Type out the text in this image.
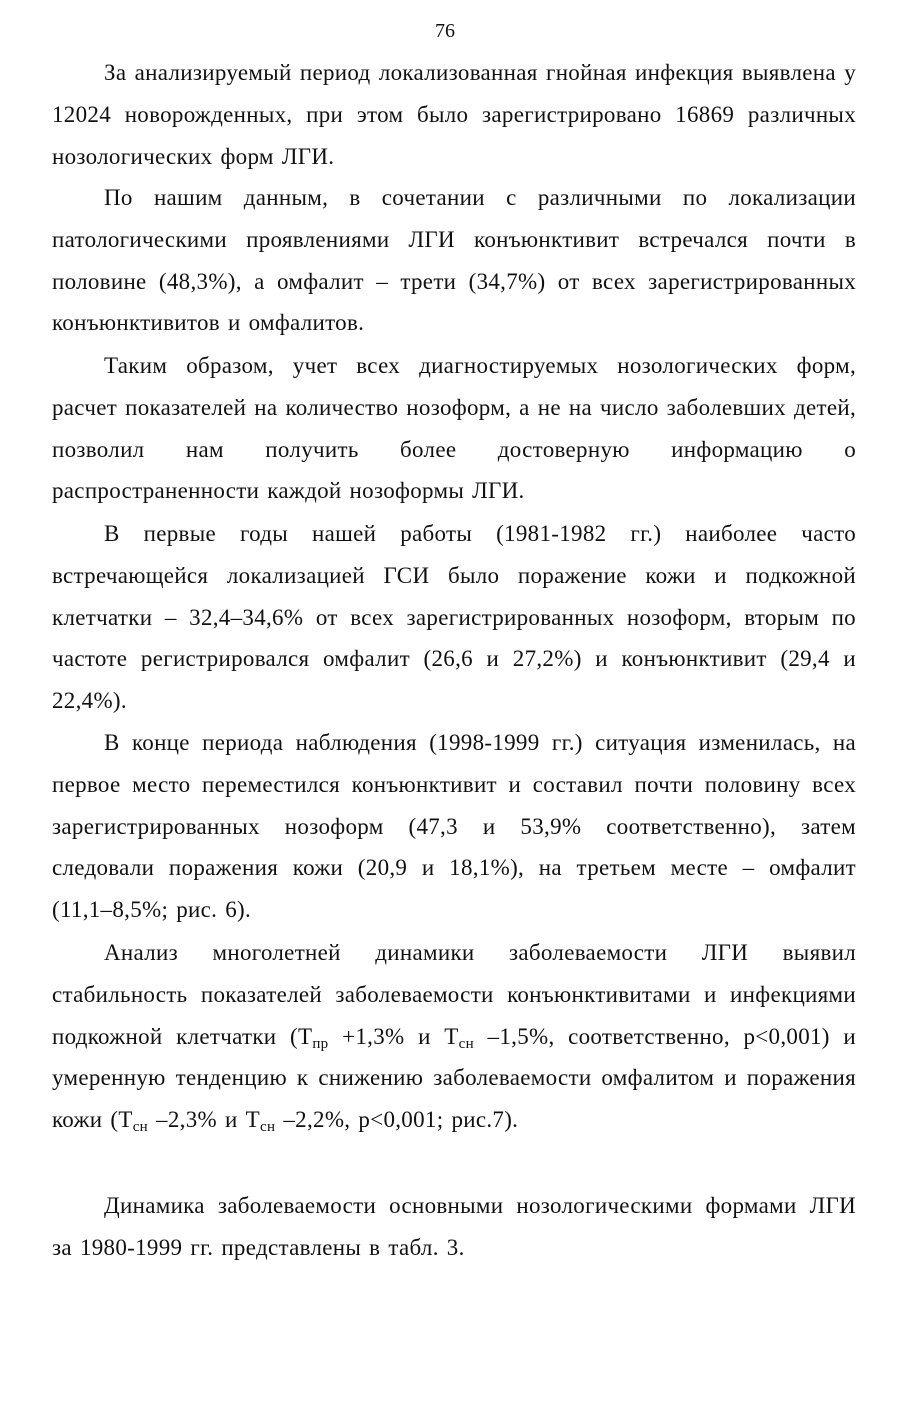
76

За анализируемый период локализованная гнойная инфекция выявлена у 12024 новорожденных, при этом было зарегистрировано 16869 различных нозологических форм ЛГИ.

По нашим данным, в сочетании с различными по локализации патологическими проявлениями ЛГИ конъюнктивит встречался почти в половине (48,3%), а омфалит – трети (34,7%) от всех зарегистрированных конъюнктивитов и омфалитов.

Таким образом, учет всех диагностируемых нозологических форм, расчет показателей на количество нозоформ, а не на число заболевших детей, позволил нам получить более достоверную информацию о распространенности каждой нозоформы ЛГИ.

В первые годы нашей работы (1981-1982 гг.) наиболее часто встречающейся локализацией ГСИ было поражение кожи и подкожной клетчатки – 32,4–34,6% от всех зарегистрированных нозоформ, вторым по частоте регистрировался омфалит (26,6 и 27,2%) и конъюнктивит (29,4 и 22,4%).

В конце периода наблюдения (1998-1999 гг.) ситуация изменилась, на первое место переместился конъюнктивит и составил почти половину всех зарегистрированных нозоформ (47,3 и 53,9% соответственно), затем следовали поражения кожи (20,9 и 18,1%), на третьем месте – омфалит (11,1–8,5%; рис. 6).

Анализ многолетней динамики заболеваемости ЛГИ выявил стабильность показателей заболеваемости конъюнктивитами и инфекциями подкожной клетчатки ($Т_{пр} +1,3\%$ и $Т_{сн}$ –1,5%, соответственно, р<0,001) и умеренную тенденцию к снижению заболеваемости омфалитом и поражения кожи ($Т_{сн}$ –2,3% и $Т_{сн}$ –2,2%, р<0,001; рис.7).

Динамика заболеваемости основными нозологическими формами ЛГИ за 1980-1999 гг. представлены в табл. 3.
